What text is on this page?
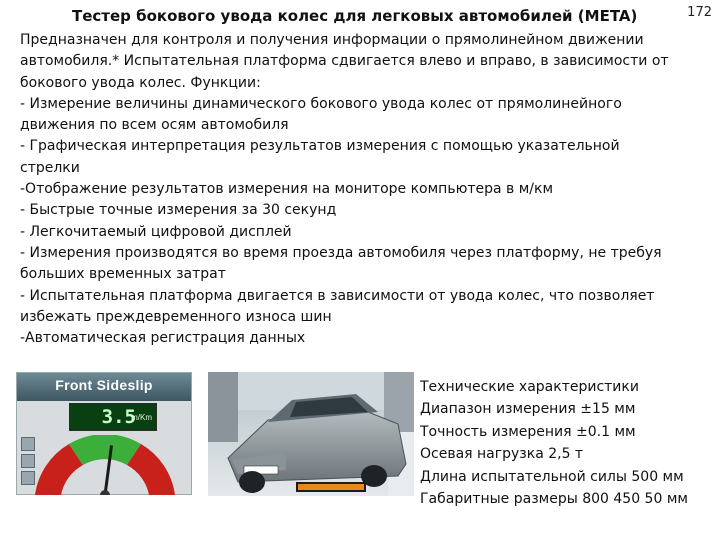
Тестер бокового увода колес для легковых автомобилей (META)	172

Предназначен для контроля и получения информации о прямолинейном движении

автомобиля.* Испытательная платформа сдвигается влево и вправо, в зависимости от

бокового увода колес. Функции:

- Измерение величины динамического бокового увода колес от прямолинейного

движения по всем осям автомобиля

- Графическая интерпретация результатов измерения с помощью указательной

стрелки

-Отображение результатов измерения на мониторе компьютера в м/км

- Быстрые точные измерения за 30 секунд

- Легкочитаемый цифровой дисплей

- Измерения производятся во время проезда автомобиля через платформу, не требуя

больших временных затрат

- Испытательная платформа двигается в зависимости от увода колес, что позволяет

избежать преждевременного износа шин

-Автоматическая регистрация данных

Front Sideslip
3.5
m/Km

Технические характеристики

Диапазон измерения ±15 мм

Точность измерения ±0.1 мм

Осевая нагрузка 2,5 т

Длина испытательной силы 500 мм

Габаритные размеры 800 450 50 мм
